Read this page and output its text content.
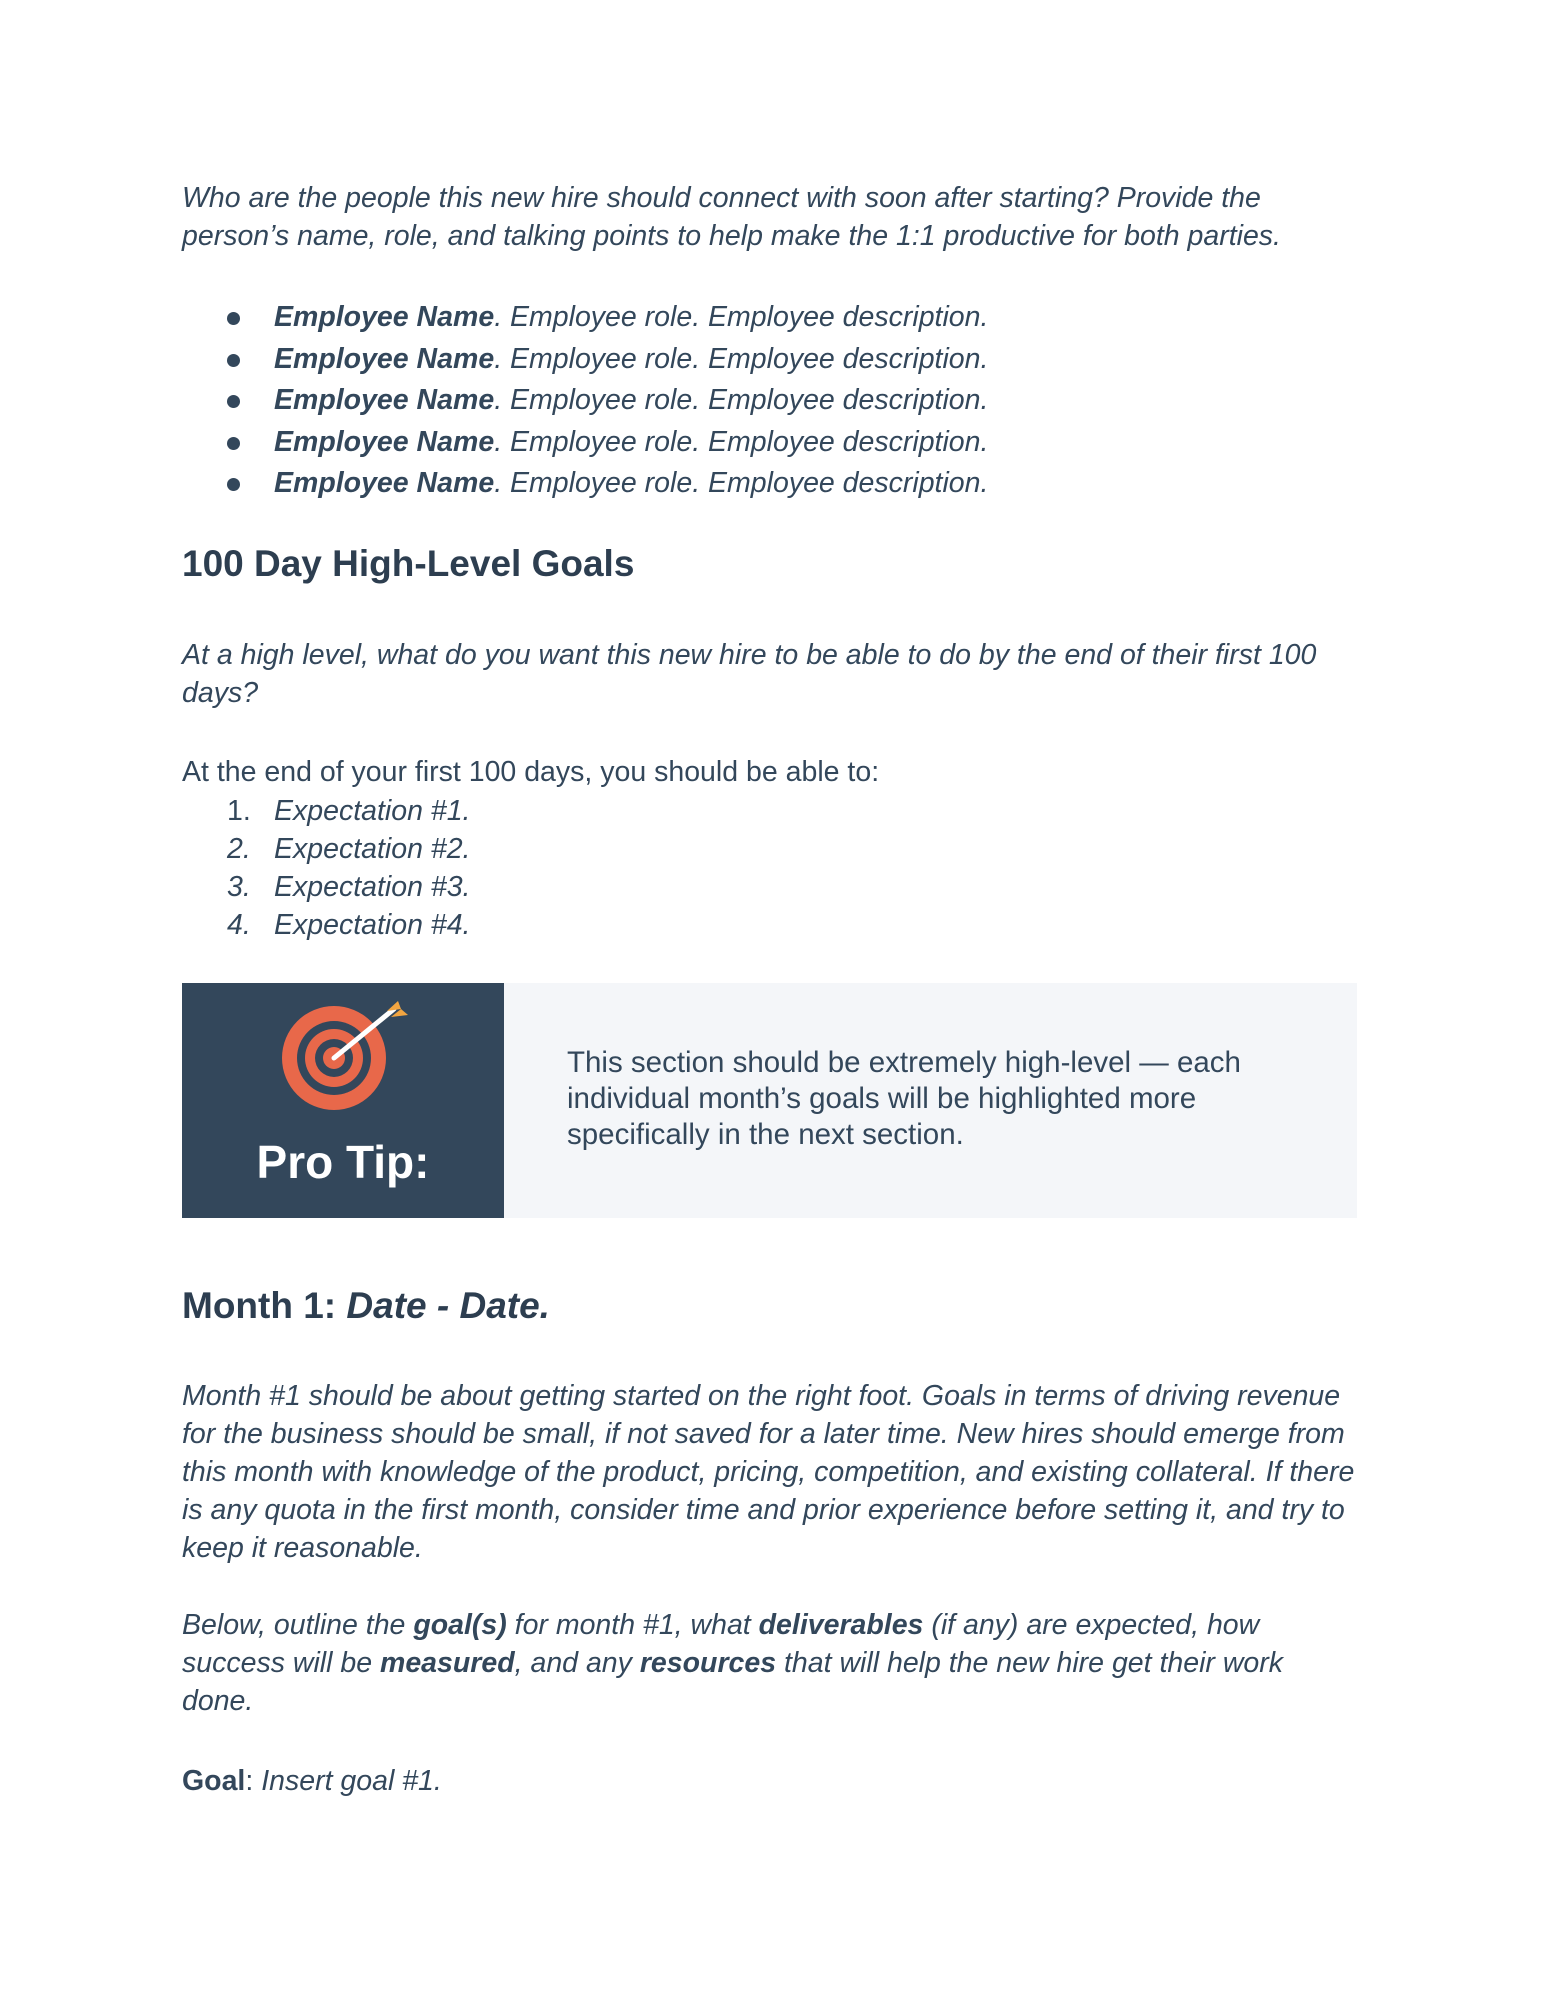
Who are the people this new hire should connect with soon after starting? Provide the person’s name, role, and talking points to help make the 1:1 productive for both parties.

Employee Name. Employee role. Employee description.
Employee Name. Employee role. Employee description.
Employee Name. Employee role. Employee description.
Employee Name. Employee role. Employee description.
Employee Name. Employee role. Employee description.
100 Day High-Level Goals

At a high level, what do you want this new hire to be able to do by the end of their first 100 days?

At the end of your first 100 days, you should be able to:

1. Expectation #1.
2. Expectation #2.
3. Expectation #3.
4. Expectation #4.
Pro Tip:
This section should be extremely high-level — each individual month’s goals will be highlighted more specifically in the next section.
Month 1: Date - Date.

Month #1 should be about getting started on the right foot. Goals in terms of driving revenue for the business should be small, if not saved for a later time. New hires should emerge from this month with knowledge of the product, pricing, competition, and existing collateral. If there is any quota in the first month, consider time and prior experience before setting it, and try to keep it reasonable.

Below, outline the goal(s) for month #1, what deliverables (if any) are expected, how success will be measured, and any resources that will help the new hire get their work done.

Goal: Insert goal #1.
